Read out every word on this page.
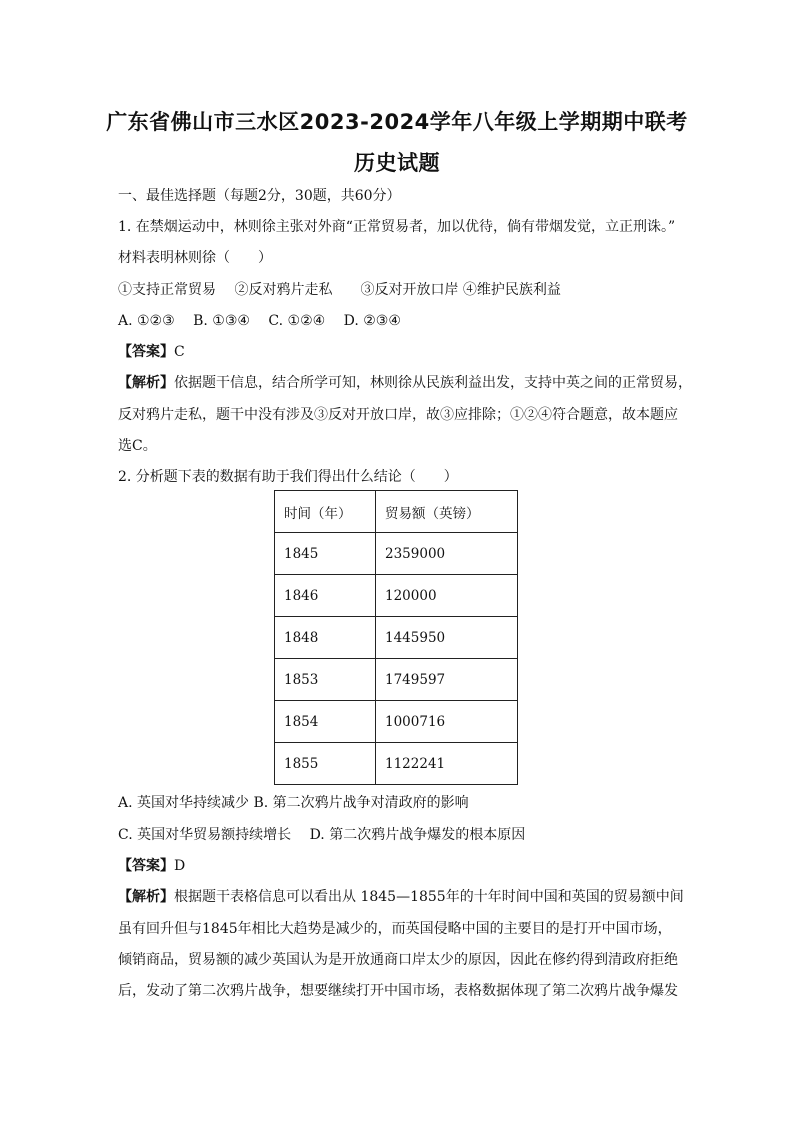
广东省佛山市三水区2023-2024学年八年级上学期期中联考
历史试题
一、最佳选择题（每题2分，30题，共60分）
1. 在禁烟运动中，林则徐主张对外商“正常贸易者，加以优待，倘有带烟发觉，立正刑诛。”
材料表明林则徐（　　）
①支持正常贸易　 ②反对鸦片走私　　③反对开放口岸 ④维护民族利益
A. ①②③　 B. ①③④　 C. ①②④　 D. ②③④
【答案】C
【解析】依据题干信息，结合所学可知，林则徐从民族利益出发，支持中英之间的正常贸易，
反对鸦片走私，题干中没有涉及③反对开放口岸，故③应排除；①②④符合题意，故本题应
选C。
2. 分析题下表的数据有助于我们得出什么结论（　　）
时间（年）	贸易额（英镑）
1845	2359000
1846	120000
1848	1445950
1853	1749597
1854	1000716
1855	1122241
A. 英国对华持续减少 B. 第二次鸦片战争对清政府的影响
C. 英国对华贸易额持续增长　 D. 第二次鸦片战争爆发的根本原因
【答案】D
【解析】根据题干表格信息可以看出从 1845—1855年的十年时间中国和英国的贸易额中间
虽有回升但与1845年相比大趋势是减少的，而英国侵略中国的主要目的是打开中国市场，
倾销商品，贸易额的减少英国认为是开放通商口岸太少的原因，因此在修约得到清政府拒绝
后，发动了第二次鸦片战争，想要继续打开中国市场，表格数据体现了第二次鸦片战争爆发
